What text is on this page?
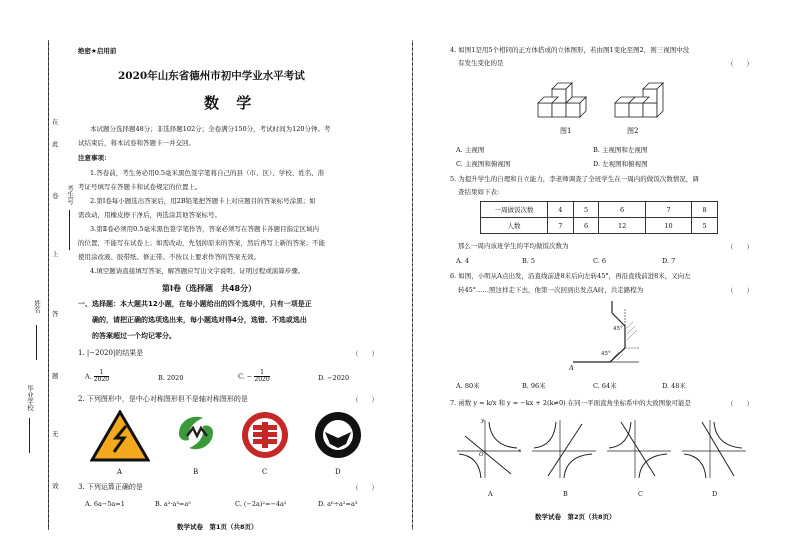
考生号
姓名
毕业学校
在
此
卷
上
答
题
无
效
绝密★启用前
2020年山东省德州市初中学业水平考试
数 学
本试题分选择题48分；非选择题102分；全卷满分150分，考试时间为120分钟。考
试结束后，将本试卷和答题卡一并交回。
注意事项：
1.答卷前，考生务必用0.5毫米黑色签字笔将自己的县（市、区）、学校、姓名、准
考证号填写在答题卡和试卷规定的位置上。
2.第Ⅰ卷每小题选出答案后，用2B铅笔把答题卡上对应题目的答案标号涂黑；如
需改动，用橡皮擦干净后，再选涂其他答案标号。
3.第Ⅱ卷必须用0.5毫米黑色签字笔作答，答案必须写在答题卡各题目指定区域内
的位置，不能写在试卷上；如需改动，先划掉原来的答案，然后再写上新的答案；不能
使用涂改液、胶带纸、修正带。不按以上要求作答的答案无效。
4.填空题请直接填写答案，解答题应写出文字说明、证明过程或演算步骤。
第Ⅰ卷（选择题　共48分）
一、选择题：本大题共12小题，在每小题给出的四个选项中，只有一项是正
确的，请把正确的选项选出来，每小题选对得4分，选错、不选或选出
的答案超过一个均记零分。
1. |−2020|的结果是	（　　）
A. $\frac{1}{2020}$	B. 2020	C. − $\frac{1}{2020}$	D. −2020
2. 下列图形中，是中心对称图形但不是轴对称图形的是	（　　）
A	B	C	D
3. 下列运算正确的是	（　　）
A. 6a−5a=1	B. a²·a³=a⁵	C. (−2a)²=−4a²	D. a⁶÷a²=a³
数学试卷　第1页（共8页）
4. 如图1是用5个相同的正方体搭成的立体图形，若由图1变化至图2，则三视图中没
有发生变化的是	（　　）
图1	图2
A. 主视图	B. 主视图和左视图
C. 主视图和俯视图	D. 左视图和俯视图
5. 为提升学生的自理和自立能力，李老师调查了全班学生在一周内的做饭次数情况，调
查结果如下表：
一周做饭次数	4	5	6	7	8
人数	7	6	12	10	5
那么一周内该班学生的平均做饭次数为	（　　）
A. 4	B. 5	C. 6	D. 7
6. 如图，小明从A点出发，沿直线前进8米后向左转45°，再沿直线前进8米，又向左
转45°……照这样走下去，他第一次回到出发点A时，共走路程为	（　　）
45°
45°
A
A. 80米	B. 96米	C. 64米	D. 48米
7. 函数 y = k/x 和 y = −kx + 2(k≠0) 在同一平面直角坐标系中的大致图象可能是	（　　）
y
x
O
A	B	C	D
数学试卷　第2页（共8页）
